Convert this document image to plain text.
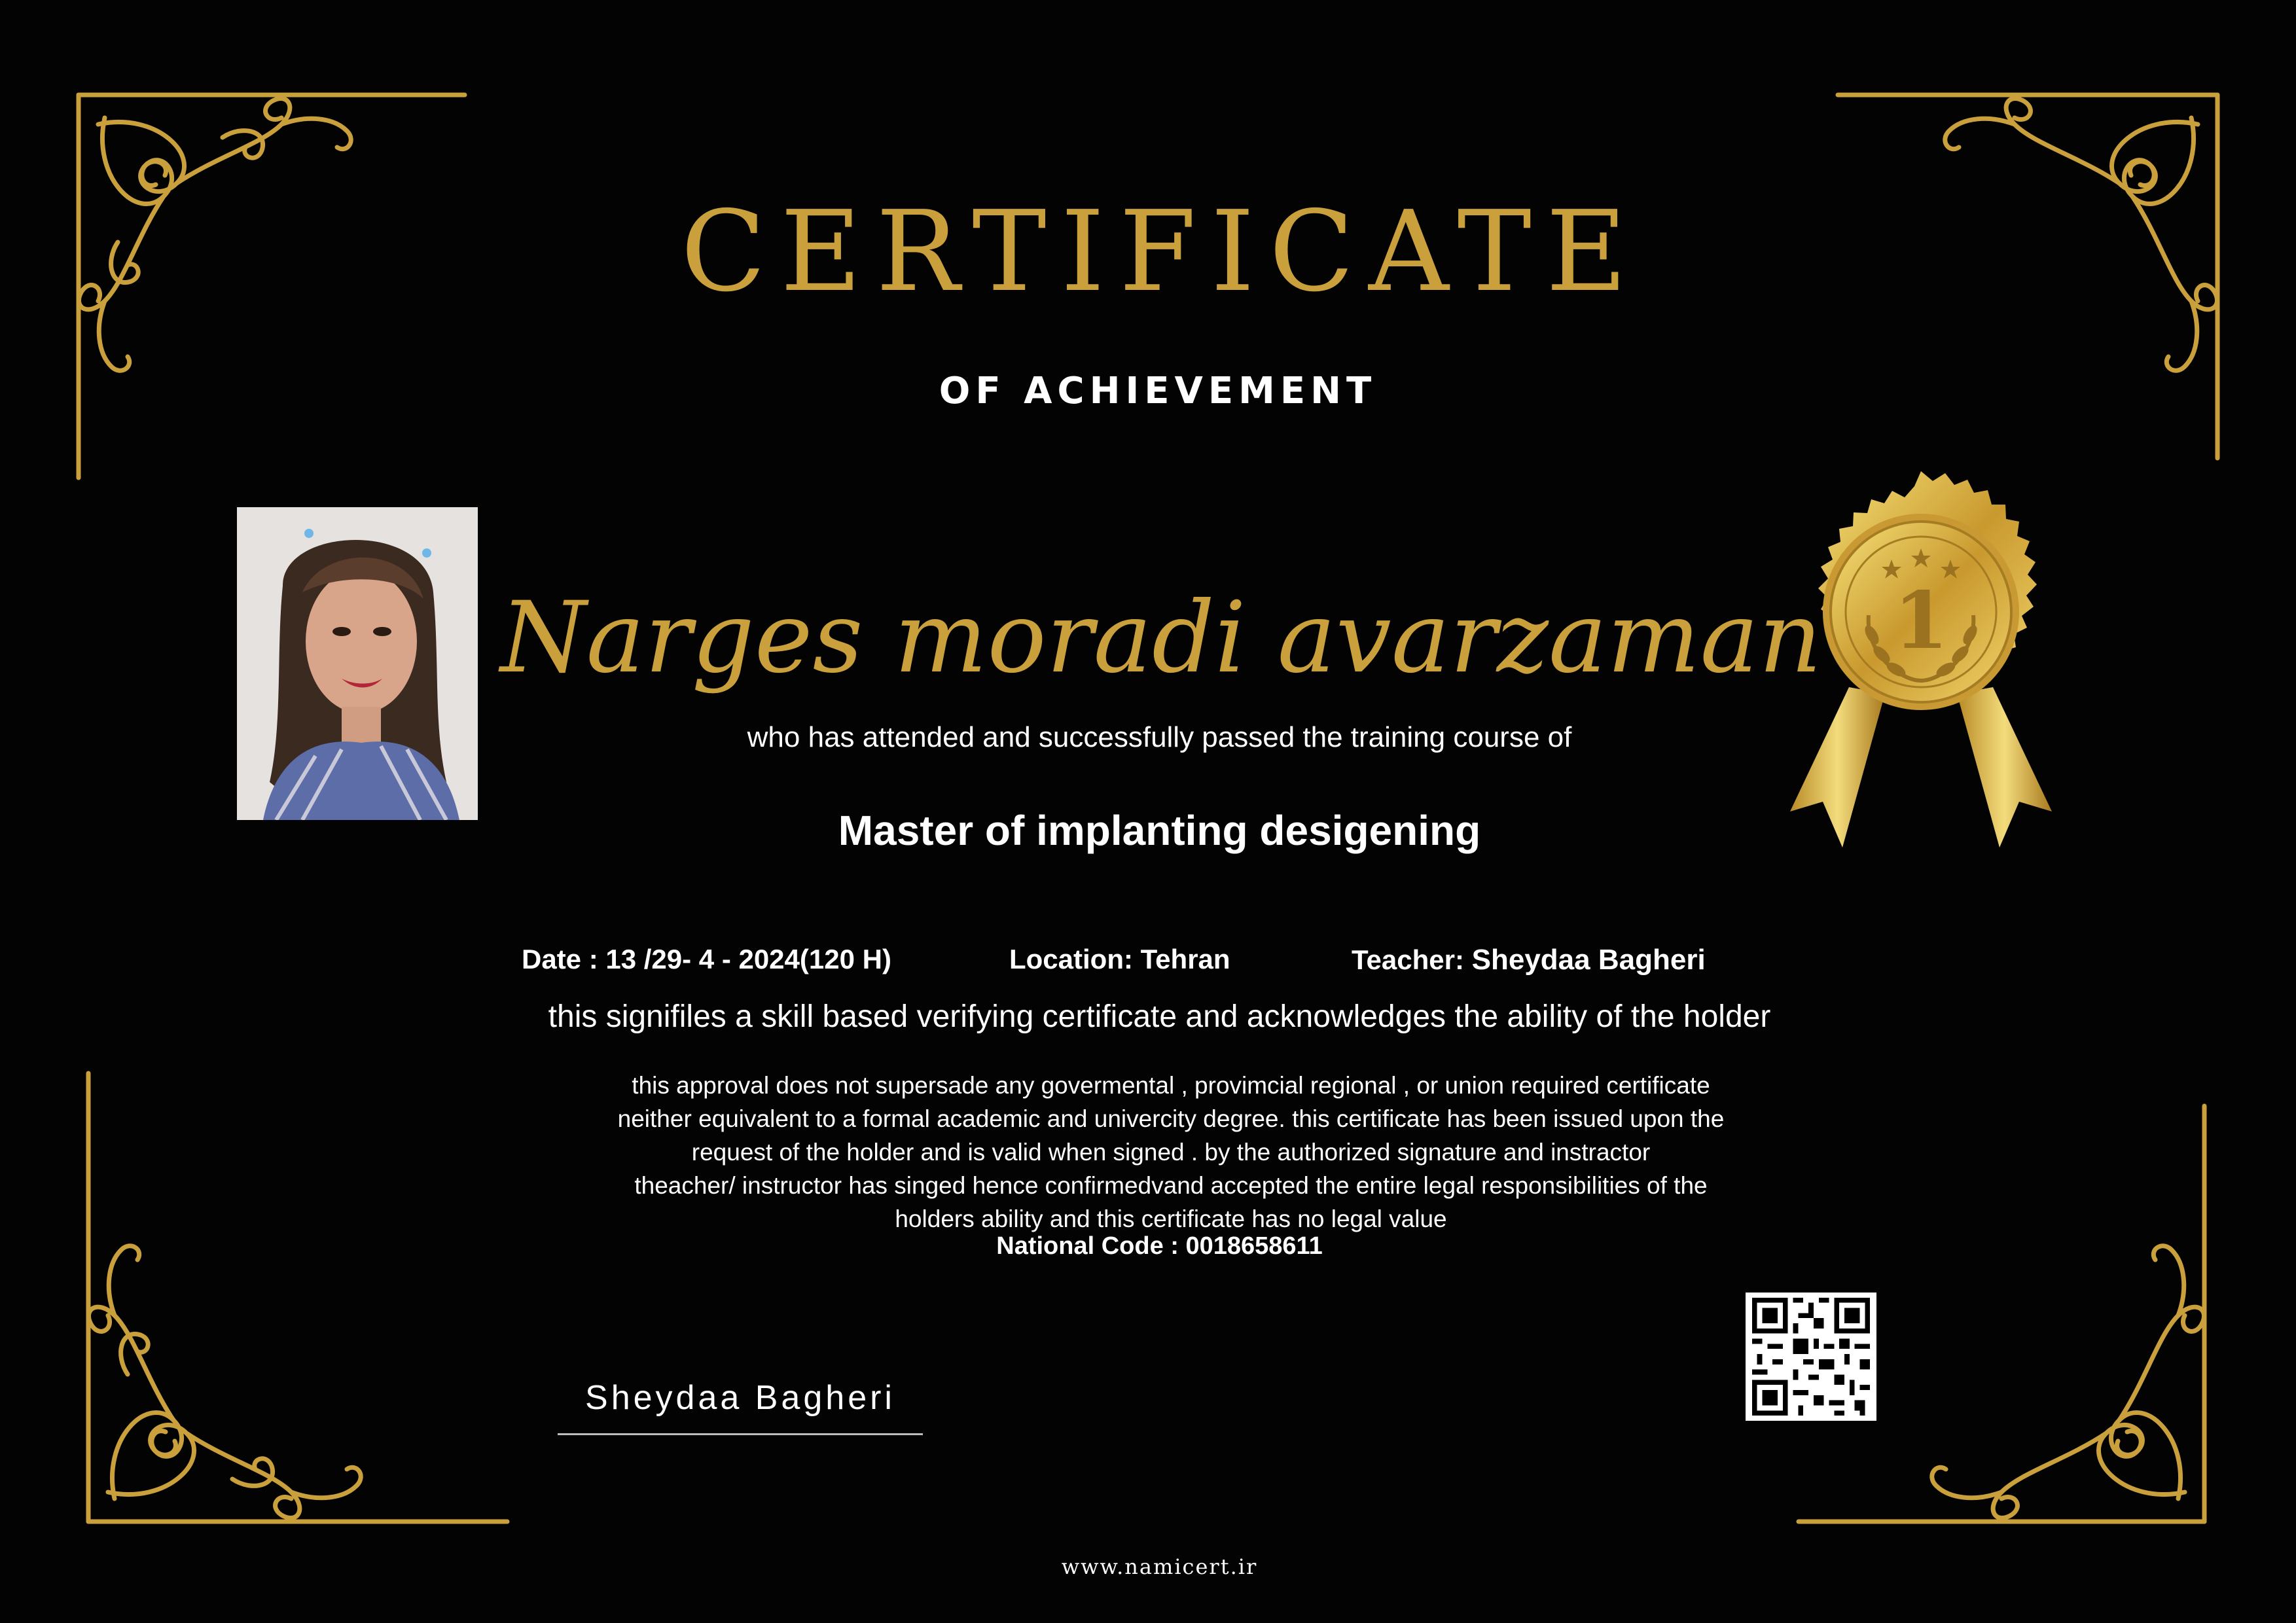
CERTIFICATE
OF ACHIEVEMENT
1
Narges moradi avarzaman
who has attended and successfully passed the training course of
Master of implanting desigening
Date : 13 /29- 4 - 2024(120 H)	Location: Tehran	Teacher: Sheydaa Bagheri
this signifiles a skill based verifying certificate and acknowledges the ability of the holder
this approval does not supersade any govermental , provimcial regional , or union required certificate
neither equivalent to a formal academic and univercity degree. this certificate has been issued upon the
request of the holder and is valid when signed . by the authorized signature and instractor
theacher/ instructor has singed hence confirmedvand accepted the entire legal responsibilities of the
holders ability and this certificate has no legal value
National Code : 0018658611
Sheydaa Bagheri
www.namicert.ir
